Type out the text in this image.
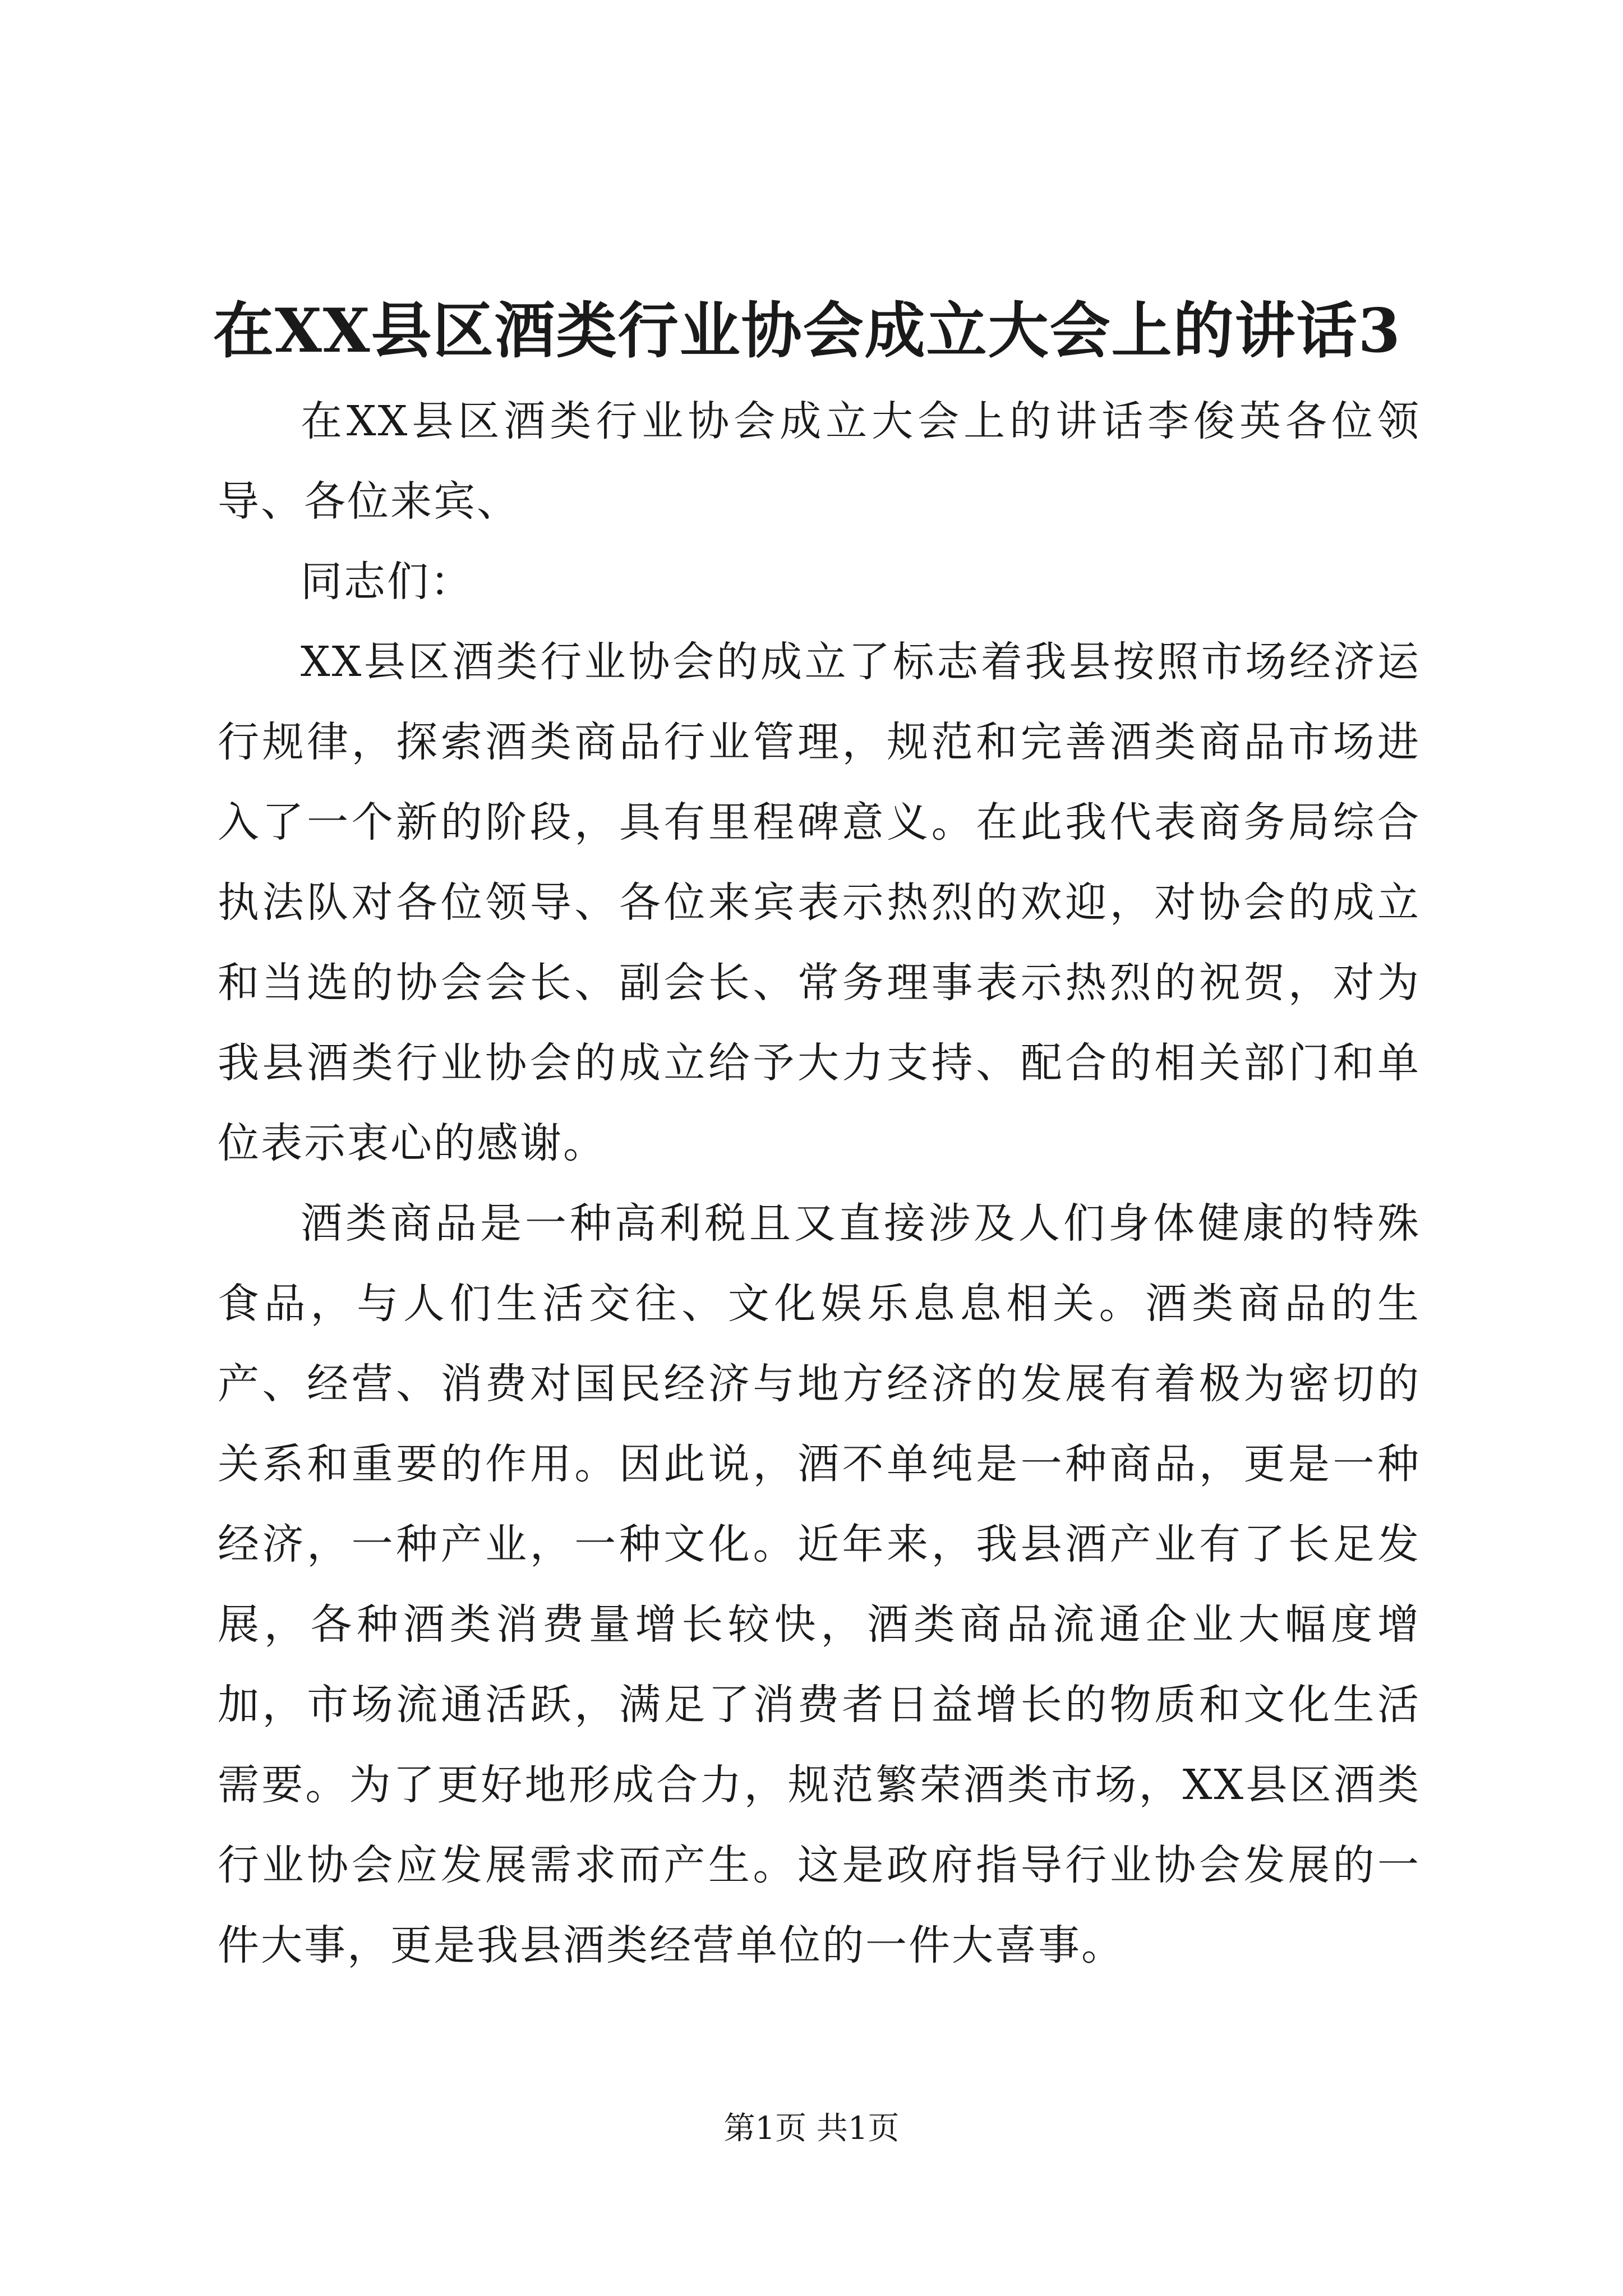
在XX县区酒类行业协会成立大会上的讲话3

在XX县区酒类行业协会成立大会上的讲话李俊英各位领导、各位来宾、

同志们：

XX县区酒类行业协会的成立了标志着我县按照市场经济运行规律，探索酒类商品行业管理，规范和完善酒类商品市场进入了一个新的阶段，具有里程碑意义。在此我代表商务局综合执法队对各位领导、各位来宾表示热烈的欢迎，对协会的成立和当选的协会会长、副会长、常务理事表示热烈的祝贺，对为我县酒类行业协会的成立给予大力支持、配合的相关部门和单位表示衷心的感谢。

酒类商品是一种高利税且又直接涉及人们身体健康的特殊食品，与人们生活交往、文化娱乐息息相关。酒类商品的生产、经营、消费对国民经济与地方经济的发展有着极为密切的关系和重要的作用。因此说，酒不单纯是一种商品，更是一种经济，一种产业，一种文化。近年来，我县酒产业有了长足发展，各种酒类消费量增长较快，酒类商品流通企业大幅度增加，市场流通活跃，满足了消费者日益增长的物质和文化生活需要。为了更好地形成合力，规范繁荣酒类市场，XX县区酒类行业协会应发展需求而产生。这是政府指导行业协会发展的一件大事，更是我县酒类经营单位的一件大喜事。

第1页 共1页
